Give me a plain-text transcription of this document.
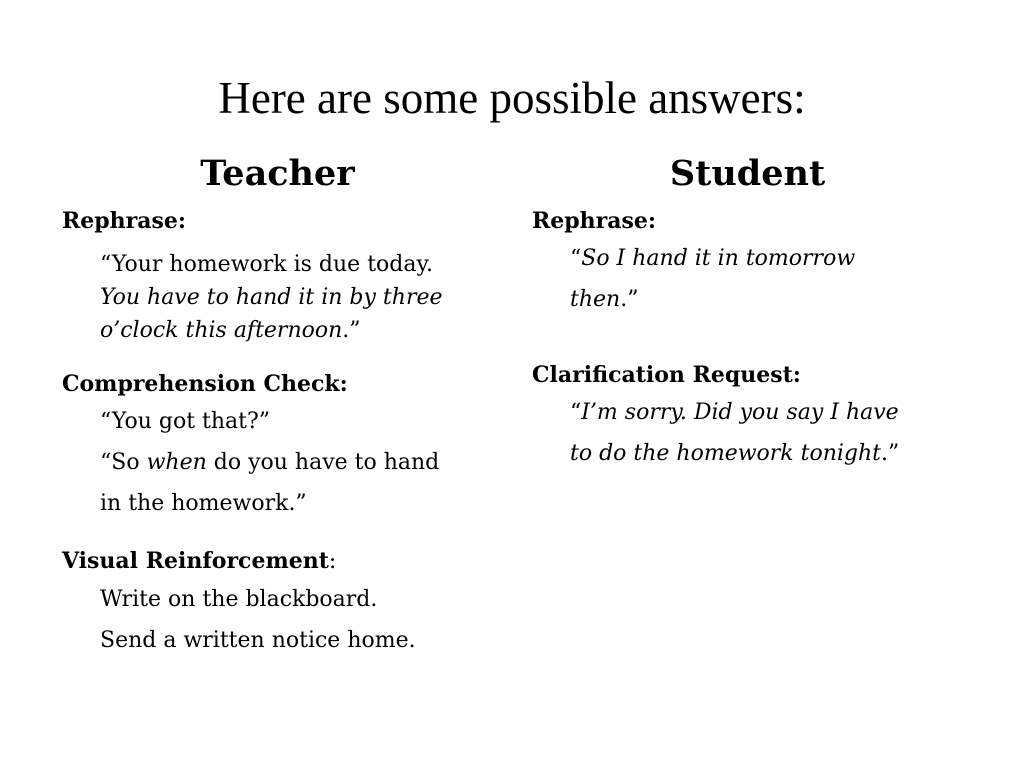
Here are some possible answers:
Teacher	Student
Rephrase:
“Your homework is due today.
You have to hand it in by three
o’clock this afternoon.”
Comprehension Check:
“You got that?”
“So when do you have to hand
in the homework.”
Visual Reinforcement:
Write on the blackboard.
Send a written notice home.
Rephrase:
“So I hand it in tomorrow
then.”
Clarification Request:
“I’m sorry. Did you say I have
to do the homework tonight.”
